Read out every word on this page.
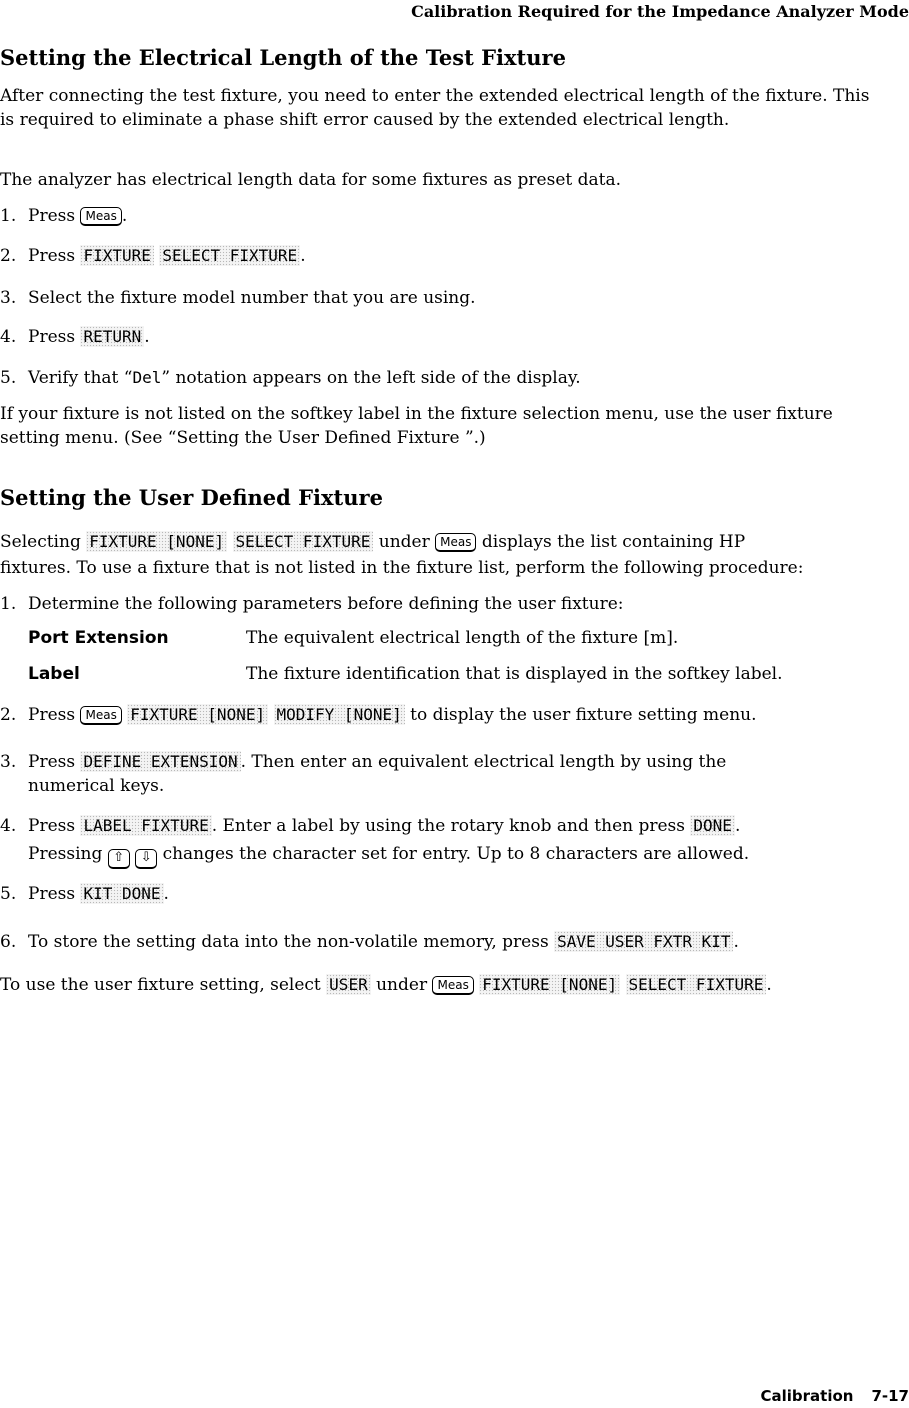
Calibration Required for the Impedance Analyzer Mode
Setting the Electrical Length of the Test Fixture

After connecting the test fixture, you need to enter the extended electrical length of the fixture. This is required to eliminate a phase shift error caused by the extended electrical length.

The analyzer has electrical length data for some fixtures as preset data.

1. Press Meas .
2. Press FIXTURE SELECT FIXTURE .
3. Select the fixture model number that you are using.
4. Press RETURN .
5. Verify that “Del” notation appears on the left side of the display.

If your fixture is not listed on the softkey label in the fixture selection menu, use the user fixture setting menu. (See “Setting the User Defined Fixture ”.)

Setting the User Defined Fixture
Selecting FIXTURE [NONE] SELECT FIXTURE under Meas displays the list containing HP

fixtures. To use a fixture that is not listed in the fixture list, perform the following procedure:

1. Determine the following parameters before defining the user fixture:
Port Extension	The equivalent electrical length of the fixture [m].
Label	The fixture identification that is displayed in the softkey label.
2. Press Meas FIXTURE [NONE] MODIFY [NONE] to display the user fixture setting menu.
3. Press DEFINE EXTENSION . Then enter an equivalent electrical length by using the
numerical keys.
4. Press LABEL FIXTURE . Enter a label by using the rotary knob and then press DONE .
Pressing ⇧ ⇩ changes the character set for entry. Up to 8 characters are allowed.
5. Press KIT DONE .
6. To store the setting data into the non-volatile memory, press SAVE USER FXTR KIT .
To use the user fixture setting, select USER under Meas FIXTURE [NONE] SELECT FIXTURE .
Calibration 7-17
